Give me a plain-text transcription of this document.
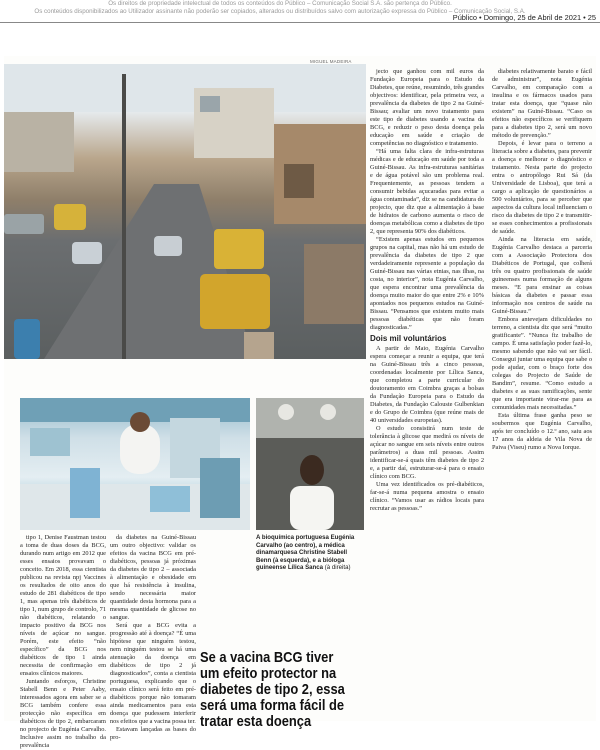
Os direitos de propriedade intelectual de todos os conteúdos do Público – Comunicação Social S.A. são pertença do Público.
Os conteúdos disponibilizados ao Utilizador assinante não poderão ser copiados, alterados ou distribuídos salvo com autorização expressa do Público – Comunicação Social, S.A.
Público • Domingo, 25 de Abril de 2021 • 25
MIGUEL MADEIRA
A bioquímica portuguesa Eugénia Carvalho (ao centro), a médica dinamarquesa Christine Stabell Benn (à esquerda), e a bióloga guineense Lílica Sanca (à direita)
Se a vacina BCG tiver um efeito protector na diabetes de tipo 2, essa será uma forma fácil de tratar esta doença

tipo 1, Denise Faustman testou a toma de duas doses da BCG, durando num artigo em 2012 que esses ensaios provavam o conceito. Em 2018, essa cientista publicou na revista npj Vaccines os resultados de oito anos do estudo de 281 diabéticos de tipo 1, mas apenas três diabéticos de tipo 1, num grupo de controlo, 71 não diabéticos, relatando o impacto positivo da BCG nos níveis de açúcar no sangue. Porém, este efeito “não específico” da BCG nos diabéticos de tipo 1 ainda necessita de confirmação em ensaios clínicos maiores.

Juntando esforços, Christine Stabell Benn e Peter Aaby, interessados agora em saber se a BCG também confere essa protecção não específica em diabéticos de tipo 2, embarcaram no projecto de Eugénia Carvalho. Inclusive assim no trabalho da prevalência

da diabetes na Guiné-Bissau um outro objectivo: validar os efeitos da vacina BCG em pré-diabéticos, pessoas já próximas da diabetes de tipo 2 – associada à alimentação e obesidade em que há resistência à insulina, sendo necessária maior quantidade desta hormona para a mesma quantidade de glicose no sangue.

Será que a BCG evita a progressão até à doença? “É uma hipótese que ninguém testou, nem ninguém testou se há uma atenuação da doença em diabéticos de tipo 2 já diagnosticados”, conta a cientista portuguesa, explicando que o ensaio clínico será feito em pré-diabéticos porque não tomaram ainda medicamentos para esta doença que pudessem interferir nos efeitos que a vacina possa ter.

Estavam lançadas as bases do pro-

jecto que ganhou com mil euros da Fundação Europeia para o Estudo da Diabetes, que reúne, resumindo, três grandes objectivos: identificar, pela primeira vez, a prevalência da diabetes de tipo 2 na Guiné-Bissau; avaliar um novo tratamento para este tipo de diabetes usando a vacina da BCG, e reduzir o peso desta doença pela educação em saúde e criação de competências no diagnóstico e tratamento.

“Há uma falta clara de infra-estruturas médicas e de educação em saúde por toda a Guiné-Bissau. As infra-estruturas sanitárias e de água potável são um problema real. Frequentemente, as pessoas tendem a consumir bebidas açucaradas para evitar a água contaminada”, diz se na candidatura do projecto, que diz que a alimentação à base de hidratos de carbono aumenta o risco de doenças metabólicas como a diabetes de tipo 2, que representa 90% dos diabéticos.

“Existem apenas estudos em pequenos grupos na capital, mas não há um estudo de prevalência da diabetes de tipo 2 que verdadeiramente represente a população da Guiné-Bissau nas várias etnias, nas ilhas, na costa, no interior”, nota Eugénia Carvalho, que espera encontrar uma prevalência da doença muito maior do que entre 2% e 10% apontados nos pequenos estudos na Guiné-Bissau. “Pensamos que existem muito mais pessoas diabéticas que não foram diagnosticadas.”

Dois mil voluntários

A partir de Maio, Eugénia Carvalho espera começar a reunir a equipa, que terá na Guiné-Bissau três a cinco pessoas, coordenadas localmente por Lílica Sanca, que completou a parte curricular do doutoramento em Coimbra graças a bolsas da Fundação Europeia para o Estudo da Diabetes, da Fundação Calouste Gulbenkian e do Grupo de Coimbra (que reúne mais de 40 universidades europeias).

O estudo consistirá num teste de tolerância à glicose que medirá os níveis de açúcar no sangue em seis níveis entre outros parâmetros) a duas mil pessoas. Assim identificar-se-á quais têm diabetes de tipo 2 e, a partir daí, estruturar-se-á para o ensaio clínico com BCG.

Uma vez identificados os pré-diabéticos, far-se-á numa pequena amostra o ensaio clínico. “Vamos usar as rádios locais para recrutar as pessoas.”

diabetes relativamente barato e fácil de administrar”, nota Eugénia Carvalho, em comparação com a insulina e os fármacos usados para tratar esta doença, que “quase não existem” na Guiné-Bissau. “Caso os efeitos não específicos se verifiquem para a diabetes tipo 2, será um novo método de prevenção.”

Depois, é levar para o terreno a literacia sobre a diabetes, para prevenir a doença e melhorar o diagnóstico e tratamento. Nesta parte do projecto entra o antropólogo Rui Sá (da Universidade de Lisboa), que terá a cargo a aplicação de questionários a 500 voluntários, para se perceber que aspectos da cultura local influenciam o risco da diabetes de tipo 2 e transmitir-se esses conhecimentos a profissionais de saúde.

Ainda na literacia em saúde, Eugénia Carvalho destaca a parceria com a Associação Protectora dos Diabéticos de Portugal, que colherá três ou quatro profissionais de saúde guineenses numa formação de alguns meses. “E para ensinar as coisas básicas da diabetes e passar essa informação nos centros de saúde na Guiné-Bissau.”

Embora antevejam dificuldades no terreno, a cientista diz que será “muito gratificante”. “Nunca fiz trabalho de campo. É uma satisfação poder fazê-lo, mesmo sabendo que não vai ser fácil. Consegui juntar uma equipa que sabe o pode ajudar, com o braço forte dos colegas do Projecto de Saúde de Bandim”, resume. “Como estudo a diabetes e as suas ramificações, sente que era importante virar-me para as comunidades mais necessitadas.”

Esta última frase ganha peso se soubermos que Eugénia Carvalho, após ter concluído o 12.º ano, saiu aos 17 anos da aldeia de Vila Nova de Paiva (Viseu) rumo a Nova Iorque.
